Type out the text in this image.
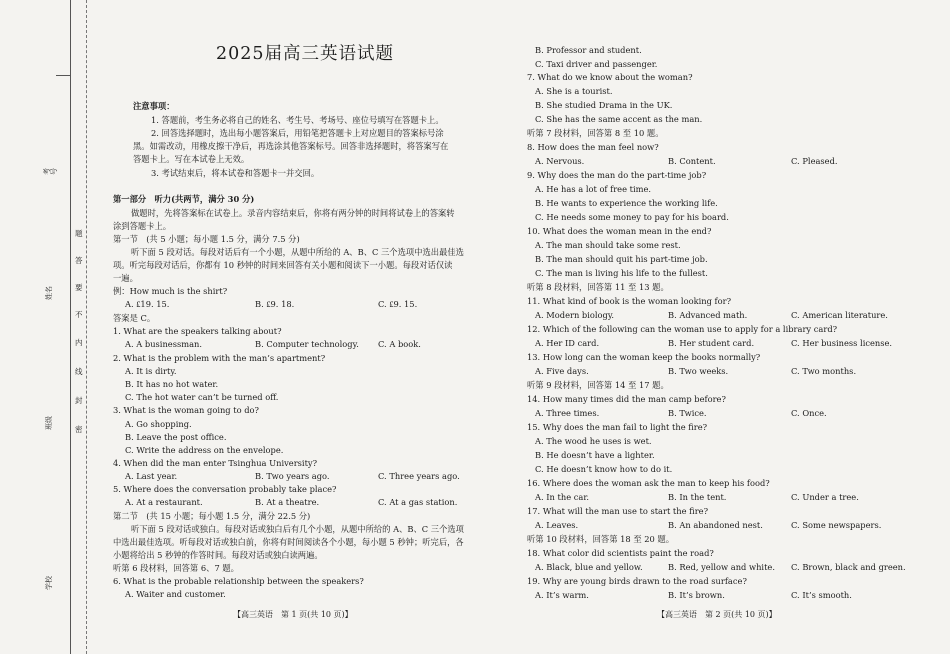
考号
姓名
班级
学校
题
答
要
不
内
线
封
密
2025届高三英语试题
注意事项：
1. 答题前，考生务必将自己的姓名、考生号、考场号、座位号填写在答题卡上。
2. 回答选择题时，选出每小题答案后，用铅笔把答题卡上对应题目的答案标号涂
黑。如需改动，用橡皮擦干净后，再选涂其他答案标号。回答非选择题时，将答案写在
答题卡上。写在本试卷上无效。
3. 考试结束后，将本试卷和答题卡一并交回。
第一部分　听力(共两节，满分 30 分)
做题时，先将答案标在试卷上。录音内容结束后，你将有两分钟的时间将试卷上的答案转
涂到答题卡上。
第一节　(共 5 小题；每小题 1.5 分，满分 7.5 分)
听下面 5 段对话。每段对话后有一个小题，从题中所给的 A、B、C 三个选项中选出最佳选
项。听完每段对话后，你都有 10 秒钟的时间来回答有关小题和阅读下一小题。每段对话仅读
一遍。
例：How much is the shirt?
A. ₤19. 15.	B. ₤9. 18.	C. ₤9. 15.
答案是 C。
1. What are the speakers talking about?
A. A businessman.	B. Computer technology. C. A book.
2. What is the problem with the man’s apartment?
A. It is dirty.
B. It has no hot water.
C. The hot water can’t be turned off.
3. What is the woman going to do?
A. Go shopping.
B. Leave the post office.
C. Write the address on the envelope.
4. When did the man enter Tsinghua University?
A. Last year.	B. Two years ago.	C. Three years ago.
5. Where does the conversation probably take place?
A. At a restaurant.	B. At a theatre.	C. At a gas station.
第二节　(共 15 小题；每小题 1.5 分，满分 22.5 分)
听下面 5 段对话或独白。每段对话或独白后有几个小题，从题中所给的 A、B、C 三个选项
中选出最佳选项。听每段对话或独白前，你将有时间阅读各个小题，每小题 5 秒钟；听完后，各
小题将给出 5 秒钟的作答时间。每段对话或独白读两遍。
听第 6 段材料，回答第 6、7 题。
6. What is the probable relationship between the speakers?
A. Waiter and customer.
【高三英语　第 1 页(共 10 页)】
B. Professor and student.
C. Taxi driver and passenger.
7. What do we know about the woman?
A. She is a tourist.
B. She studied Drama in the UK.
C. She has the same accent as the man.
听第 7 段材料，回答第 8 至 10 题。
8. How does the man feel now?
A. Nervous.	B. Content.	C. Pleased.
9. Why does the man do the part-time job?
A. He has a lot of free time.
B. He wants to experience the working life.
C. He needs some money to pay for his board.
10. What does the woman mean in the end?
A. The man should take some rest.
B. The man should quit his part-time job.
C. The man is living his life to the fullest.
听第 8 段材料，回答第 11 至 13 题。
11. What kind of book is the woman looking for?
A. Modern biology.	B. Advanced math.	C. American literature.
12. Which of the following can the woman use to apply for a library card?
A. Her ID card.	B. Her student card.	C. Her business license.
13. How long can the woman keep the books normally?
A. Five days.	B. Two weeks.	C. Two months.
听第 9 段材料，回答第 14 至 17 题。
14. How many times did the man camp before?
A. Three times.	B. Twice.	C. Once.
15. Why does the man fail to light the fire?
A. The wood he uses is wet.
B. He doesn’t have a lighter.
C. He doesn’t know how to do it.
16. Where does the woman ask the man to keep his food?
A. In the car.	B. In the tent.	C. Under a tree.
17. What will the man use to start the fire?
A. Leaves.	B. An abandoned nest.	C. Some newspapers.
听第 10 段材料，回答第 18 至 20 题。
18. What color did scientists paint the road?
A. Black, blue and yellow.	B. Red, yellow and white. C. Brown, black and green.
19. Why are young birds drawn to the road surface?
A. It’s warm.	B. It’s brown.	C. It’s smooth.
【高三英语　第 2 页(共 10 页)】
